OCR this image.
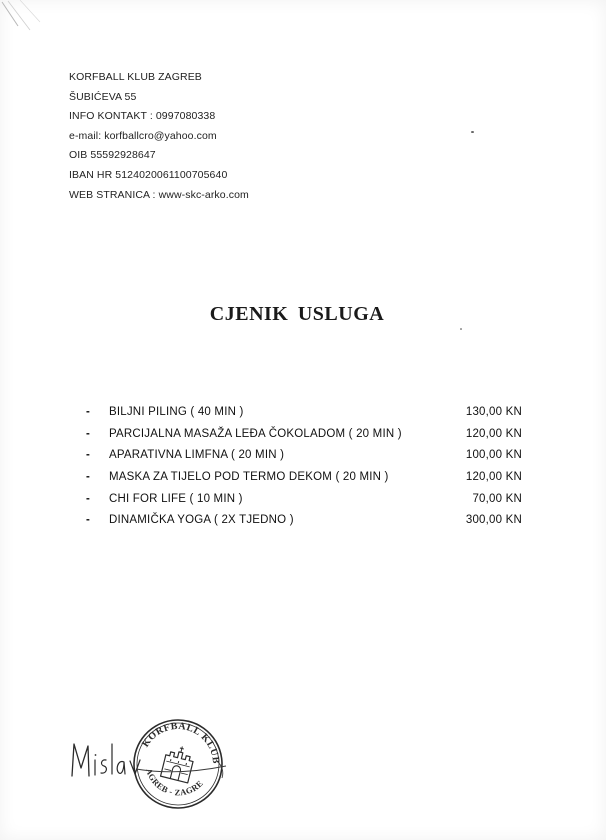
KORFBALL KLUB ZAGREB
ŠUBIĆEVA 55
INFO KONTAKT : 0997080338
e-mail: korfballcro@yahoo.com
OIB 55592928647
IBAN HR 5124020061100705640
WEB STRANICA : www-skc-arko.com
CJENIK USLUGA
-	BILJNI PILING ( 40 MIN )	130,00 KN
-	PARCIJALNA MASAŽA LEĐA ČOKOLADOM ( 20 MIN )	120,00 KN
-	APARATIVNA LIMFNA ( 20 MIN )	100,00 KN
-	MASKA ZA TIJELO POD TERMO DEKOM ( 20 MIN )	120,00 KN
-	CHI FOR LIFE ( 10 MIN )	70,00 KN
-	DINAMIČKA YOGA ( 2X TJEDNO )	300,00 KN
KORFBALL KLUB
ZAGREB - ZAGREB
